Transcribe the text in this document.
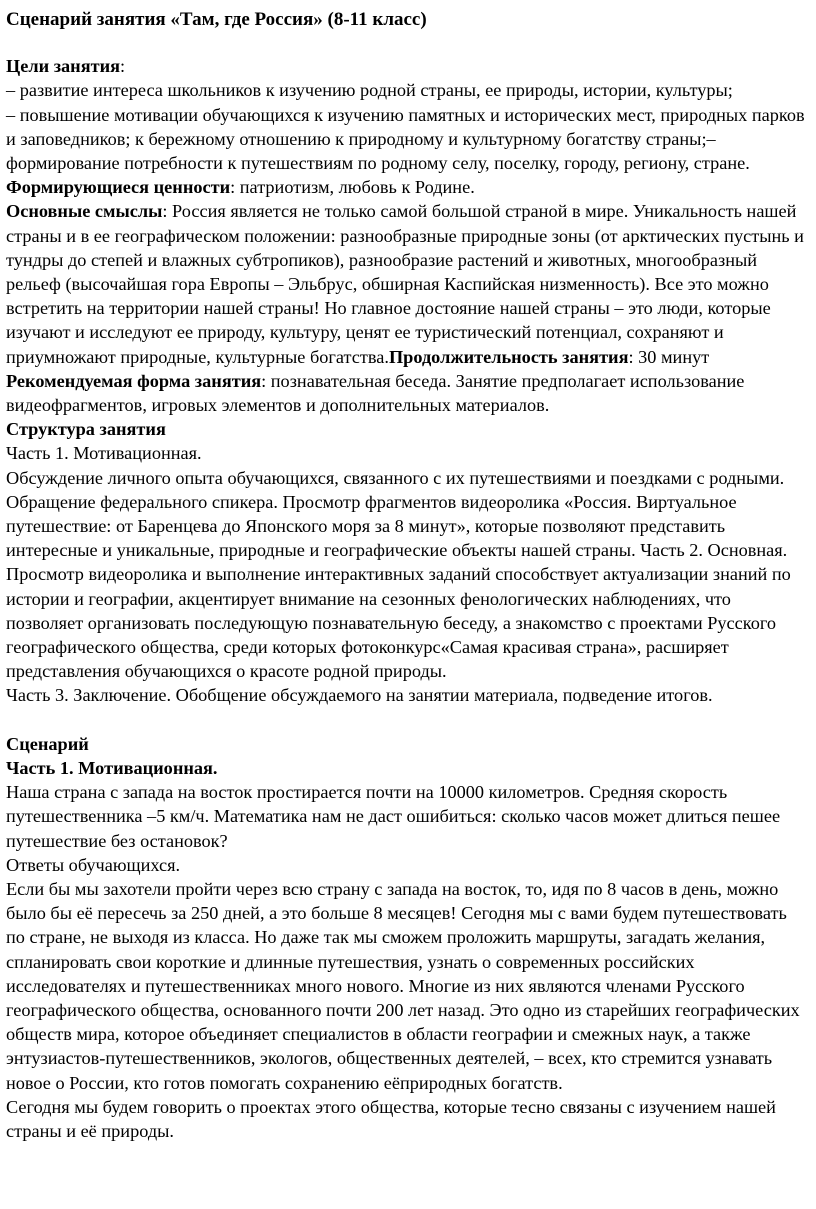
Сценарий занятия «Там, где Россия» (8-11 класс)

Цели занятия:

– развитие интереса школьников к изучению родной страны, ее природы, истории, культуры;

– повышение мотивации обучающихся к изучению памятных и исторических мест, природных парков и заповедников; к бережному отношению к природному и культурному богатству страны;– формирование потребности к путешествиям по родному селу, поселку, городу, региону, стране.

Формирующиеся ценности: патриотизм, любовь к Родине.

Основные смыслы: Россия является не только самой большой страной в мире. Уникальность нашей страны и в ее географическом положении: разнообразные природные зоны (от арктических пустынь и тундры до степей и влажных субтропиков), разнообразие растений и животных, многообразный рельеф (высочайшая гора Европы – Эльбрус, обширная Каспийская низменность). Все это можно встретить на территории нашей страны! Но главное достояние нашей страны – это люди, которые изучают и исследуют ее природу, культуру, ценят ее туристический потенциал, сохраняют и приумножают природные, культурные богатства.Продолжительность занятия: 30 минут

Рекомендуемая форма занятия: познавательная беседа. Занятие предполагает использование видеофрагментов, игровых элементов и дополнительных материалов.

Структура занятия

Часть 1. Мотивационная.

Обсуждение личного опыта обучающихся, связанного с их путешествиями и поездками с родными. Обращение федерального спикера. Просмотр фрагментов видеоролика «Россия. Виртуальное путешествие: от Баренцева до Японского моря за 8 минут», которые позволяют представить интересные и уникальные, природные и географические объекты нашей страны. Часть 2. Основная. Просмотр видеоролика и выполнение интерактивных заданий способствует актуализации знаний по истории и географии, акцентирует внимание на сезонных фенологических наблюдениях, что позволяет организовать последующую познавательную беседу, а знакомство с проектами Русского географического общества, среди которых фотоконкурс«Самая красивая страна», расширяет представления обучающихся о красоте родной природы.

Часть 3. Заключение. Обобщение обсуждаемого на занятии материала, подведение итогов.

Сценарий

Часть 1. Мотивационная.

Наша страна с запада на восток простирается почти на 10000 километров. Средняя скорость путешественника –5 км/ч. Математика нам не даст ошибиться: сколько часов может длиться пешее путешествие без остановок?

Ответы обучающихся.

Если бы мы захотели пройти через всю страну с запада на восток, то, идя по 8 часов в день, можно было бы её пересечь за 250 дней, а это больше 8 месяцев! Сегодня мы с вами будем путешествовать по стране, не выходя из класса. Но даже так мы сможем проложить маршруты, загадать желания, спланировать свои короткие и длинные путешествия, узнать о современных российских исследователях и путешественниках много нового. Многие из них являются членами Русского географического общества, основанного почти 200 лет назад. Это одно из старейших географических обществ мира, которое объединяет специалистов в области географии и смежных наук, а также энтузиастов-путешественников, экологов, общественных деятелей, – всех, кто стремится узнавать новое о России, кто готов помогать сохранению еёприродных богатств.

Сегодня мы будем говорить о проектах этого общества, которые тесно связаны с изучением нашей страны и её природы.
